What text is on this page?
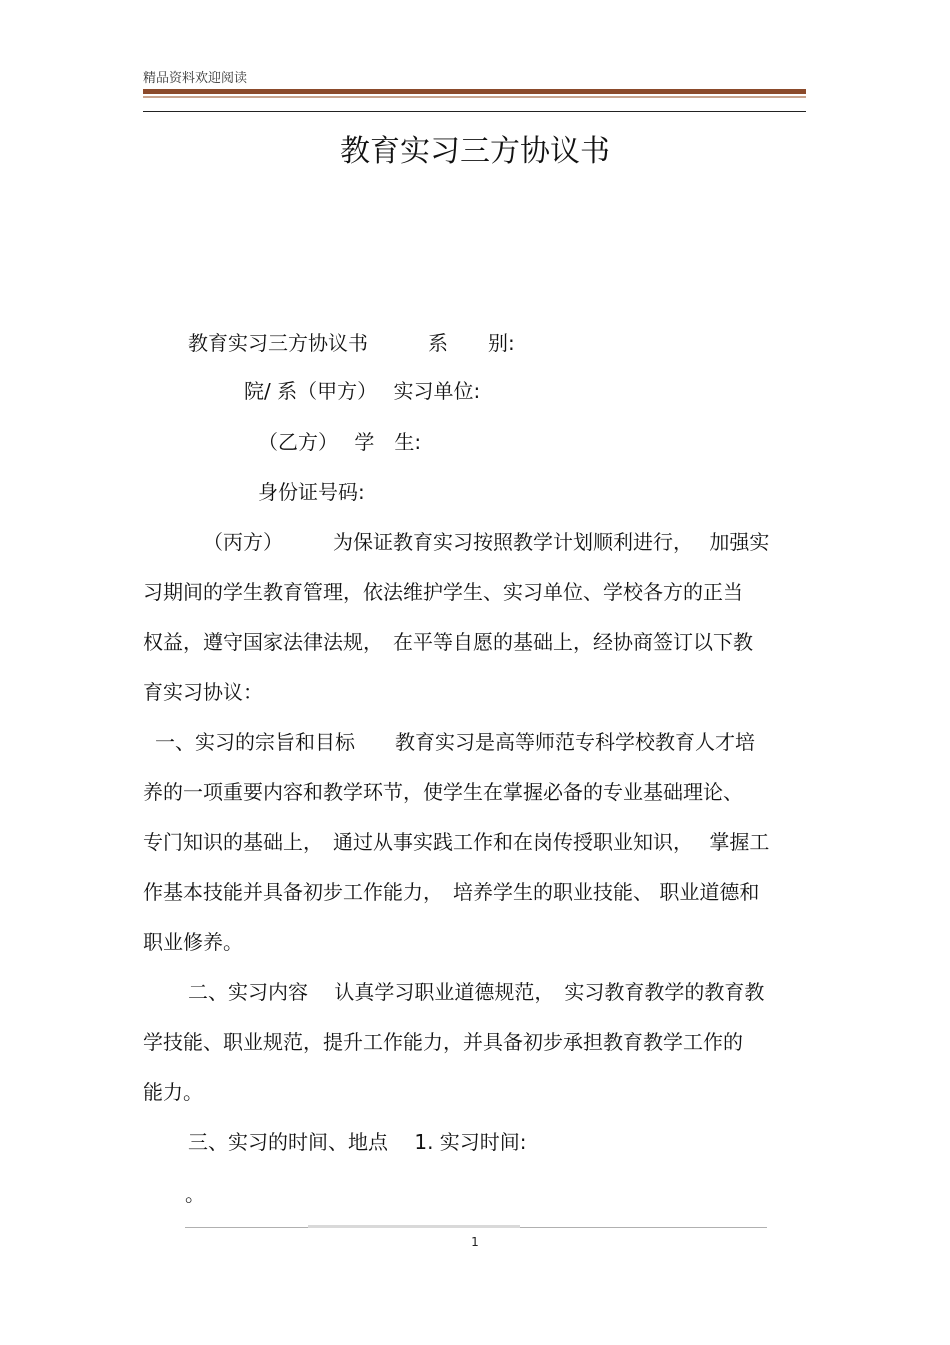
精品资料欢迎阅读
教育实习三方协议书
教育实习三方协议书　　　系　　别:
院/ 系（甲方）　 实习单位:
（乙方）　 学　生:
身份证号码:
（丙方）　　　为保证教育实习按照教学计划顺利进行，　 加强实
习期间的学生教育管理，依法维护学生、实习单位、学校各方的正当
权益，遵守国家法律法规，　在平等自愿的基础上，经协商签订以下教
育实习协议：
一、实习的宗旨和目标　　教育实习是高等师范专科学校教育人才培
养的一项重要内容和教学环节，使学生在掌握必备的专业基础理论、
专门知识的基础上，　通过从事实践工作和在岗传授职业知识，　 掌握工
作基本技能并具备初步工作能力，　培养学生的职业技能、 职业道德和
职业修养。
二、实习内容　 认真学习职业道德规范，　实习教育教学的教育教
学技能、职业规范，提升工作能力，并具备初步承担教育教学工作的
能力。
三、实习的时间、地点　 1. 实习时间:
。
1
